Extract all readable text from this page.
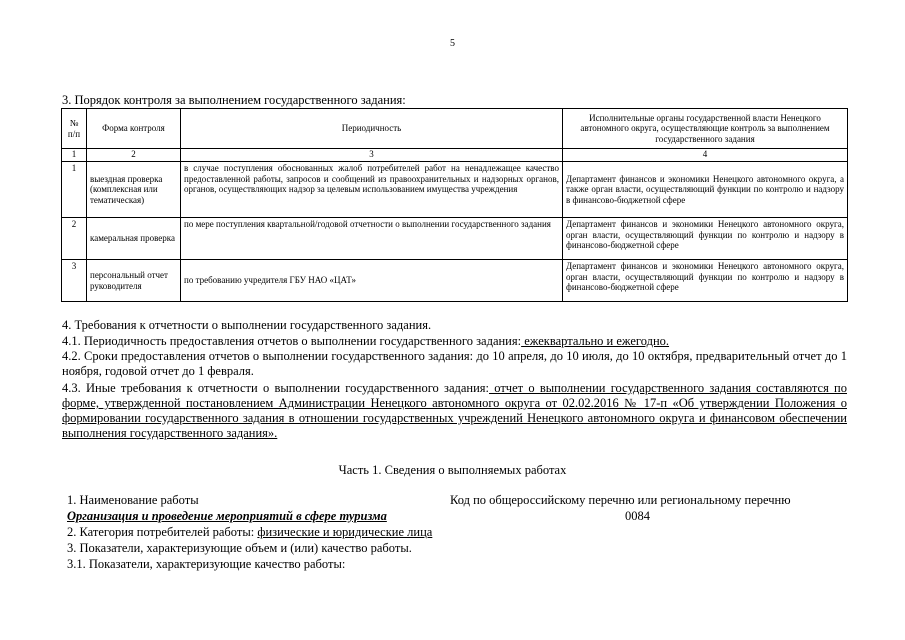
5
3. Порядок контроля за выполнением государственного задания:
№ п/п	Форма контроля	Периодичность	Исполнительные органы государственной власти Ненецкого автономного округа, осуществляющие контроль за выполнением государственного задания
1	2	3	4
1	выездная проверка (комплексная или тематическая)	в случае поступления обоснованных жалоб потребителей работ на ненадлежащее качество предоставленной работы, запросов и сообщений из правоохранительных и надзорных органов, органов, осуществляющих надзор за целевым использованием имущества учреждения	Департамент финансов и экономики Ненецкого автономного округа, а также орган власти, осуществляющий функции по контролю и надзору в финансово-бюджетной сфере
2	камеральная проверка	по мере поступления квартальной/годовой отчетности о выполнении государственного задания	Департамент финансов и экономики Ненецкого автономного округа, орган власти, осуществляющий функции по контролю и надзору в финансово-бюджетной сфере
3	персональный отчет руководителя	по требованию учредителя ГБУ НАО «ЦАТ»	Департамент финансов и экономики Ненецкого автономного округа, орган власти, осуществляющий функции по контролю и надзору в финансово-бюджетной сфере
4. Требования к отчетности о выполнении государственного задания.
4.1. Периодичность предоставления отчетов о выполнении государственного задания: ежеквартально и ежегодно.
4.2. Сроки предоставления отчетов о выполнении государственного задания: до 10 апреля, до 10 июля, до 10 октября, предварительный отчет до 1 ноября, годовой отчет до 1 февраля.
4.3. Иные требования к отчетности о выполнении государственного задания: отчет о выполнении государственного задания составляются по форме, утвержденной постановлением Администрации Ненецкого автономного округа от 02.02.2016 № 17-п «Об утверждении Положения о формировании государственного задания в отношении государственных учреждений Ненецкого автономного округа и финансовом обеспечении выполнения государственного задания».
Часть 1. Сведения о выполняемых работах
1. Наименование работы	Код по общероссийскому перечню или региональному перечню
Организация и проведение мероприятий в сфере туризма	0084
2. Категория потребителей работы: физические и юридические лица
3. Показатели, характеризующие объем и (или) качество работы.
3.1. Показатели, характеризующие качество работы:
